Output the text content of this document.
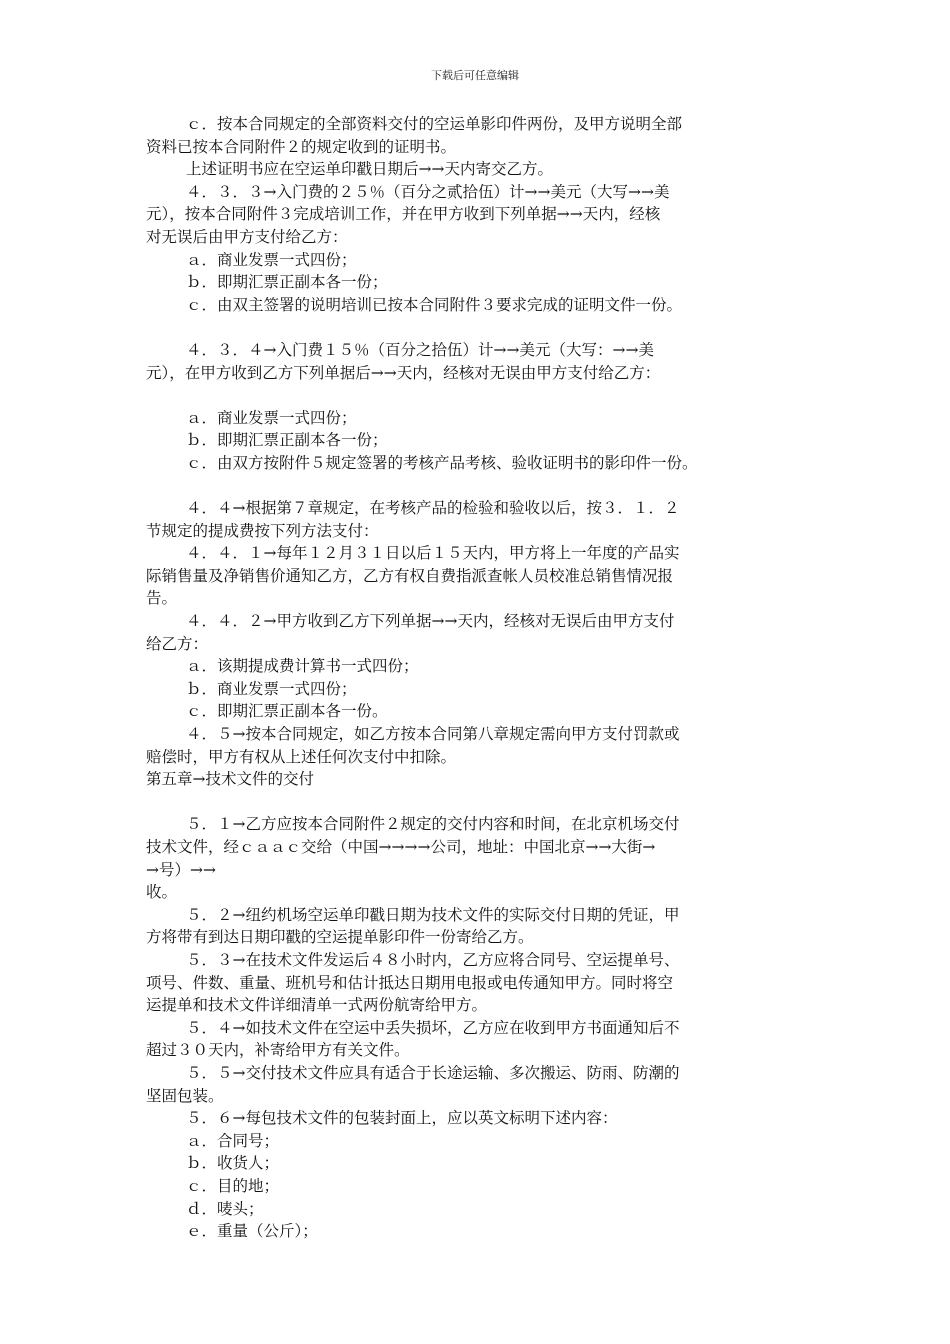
下载后可任意编辑
ｃ．按本合同规定的全部资料交付的空运单影印件两份，及甲方说明全部
资料已按本合同附件２的规定收到的证明书。
上述证明书应在空运单印戳日期后→→天内寄交乙方。
４．３．３→入门费的２５％（百分之贰拾伍）计→→美元（大写→→美
元），按本合同附件３完成培训工作，并在甲方收到下列单据→→天内，经核
对无误后由甲方支付给乙方：
ａ．商业发票一式四份；
ｂ．即期汇票正副本各一份；
ｃ．由双主签署的说明培训已按本合同附件３要求完成的证明文件一份。
４．３．４→入门费１５％（百分之拾伍）计→→美元（大写：→→美
元），在甲方收到乙方下列单据后→→天内，经核对无误由甲方支付给乙方：
ａ．商业发票一式四份；
ｂ．即期汇票正副本各一份；
ｃ．由双方按附件５规定签署的考核产品考核、验收证明书的影印件一份。
４．４→根据第７章规定，在考核产品的检验和验收以后，按３．１．２
节规定的提成费按下列方法支付：
４．４．１→每年１２月３１日以后１５天内，甲方将上一年度的产品实
际销售量及净销售价通知乙方，乙方有权自费指派查帐人员校准总销售情况报
告。
４．４．２→甲方收到乙方下列单据→→天内，经核对无误后由甲方支付
给乙方：
ａ．该期提成费计算书一式四份；
ｂ．商业发票一式四份；
ｃ．即期汇票正副本各一份。
４．５→按本合同规定，如乙方按本合同第八章规定需向甲方支付罚款或
赔偿时，甲方有权从上述任何次支付中扣除。
第五章→技术文件的交付
５．１→乙方应按本合同附件２规定的交付内容和时间，在北京机场交付
技术文件，经ｃａａｃ交给（中国→→→→公司，地址：中国北京→→大街→
→号）→→
收。
５．２→纽约机场空运单印戳日期为技术文件的实际交付日期的凭证，甲
方将带有到达日期印戳的空运提单影印件一份寄给乙方。
５．３→在技术文件发运后４８小时内，乙方应将合同号、空运提单号、
项号、件数、重量、班机号和估计抵达日期用电报或电传通知甲方。同时将空
运提单和技术文件详细清单一式两份航寄给甲方。
５．４→如技术文件在空运中丢失损坏，乙方应在收到甲方书面通知后不
超过３０天内，补寄给甲方有关文件。
５．５→交付技术文件应具有适合于长途运输、多次搬运、防雨、防潮的
坚固包装。
５．６→每包技术文件的包装封面上，应以英文标明下述内容：
ａ．合同号；
ｂ．收货人；
ｃ．目的地；
ｄ．唛头；
ｅ．重量（公斤）；
